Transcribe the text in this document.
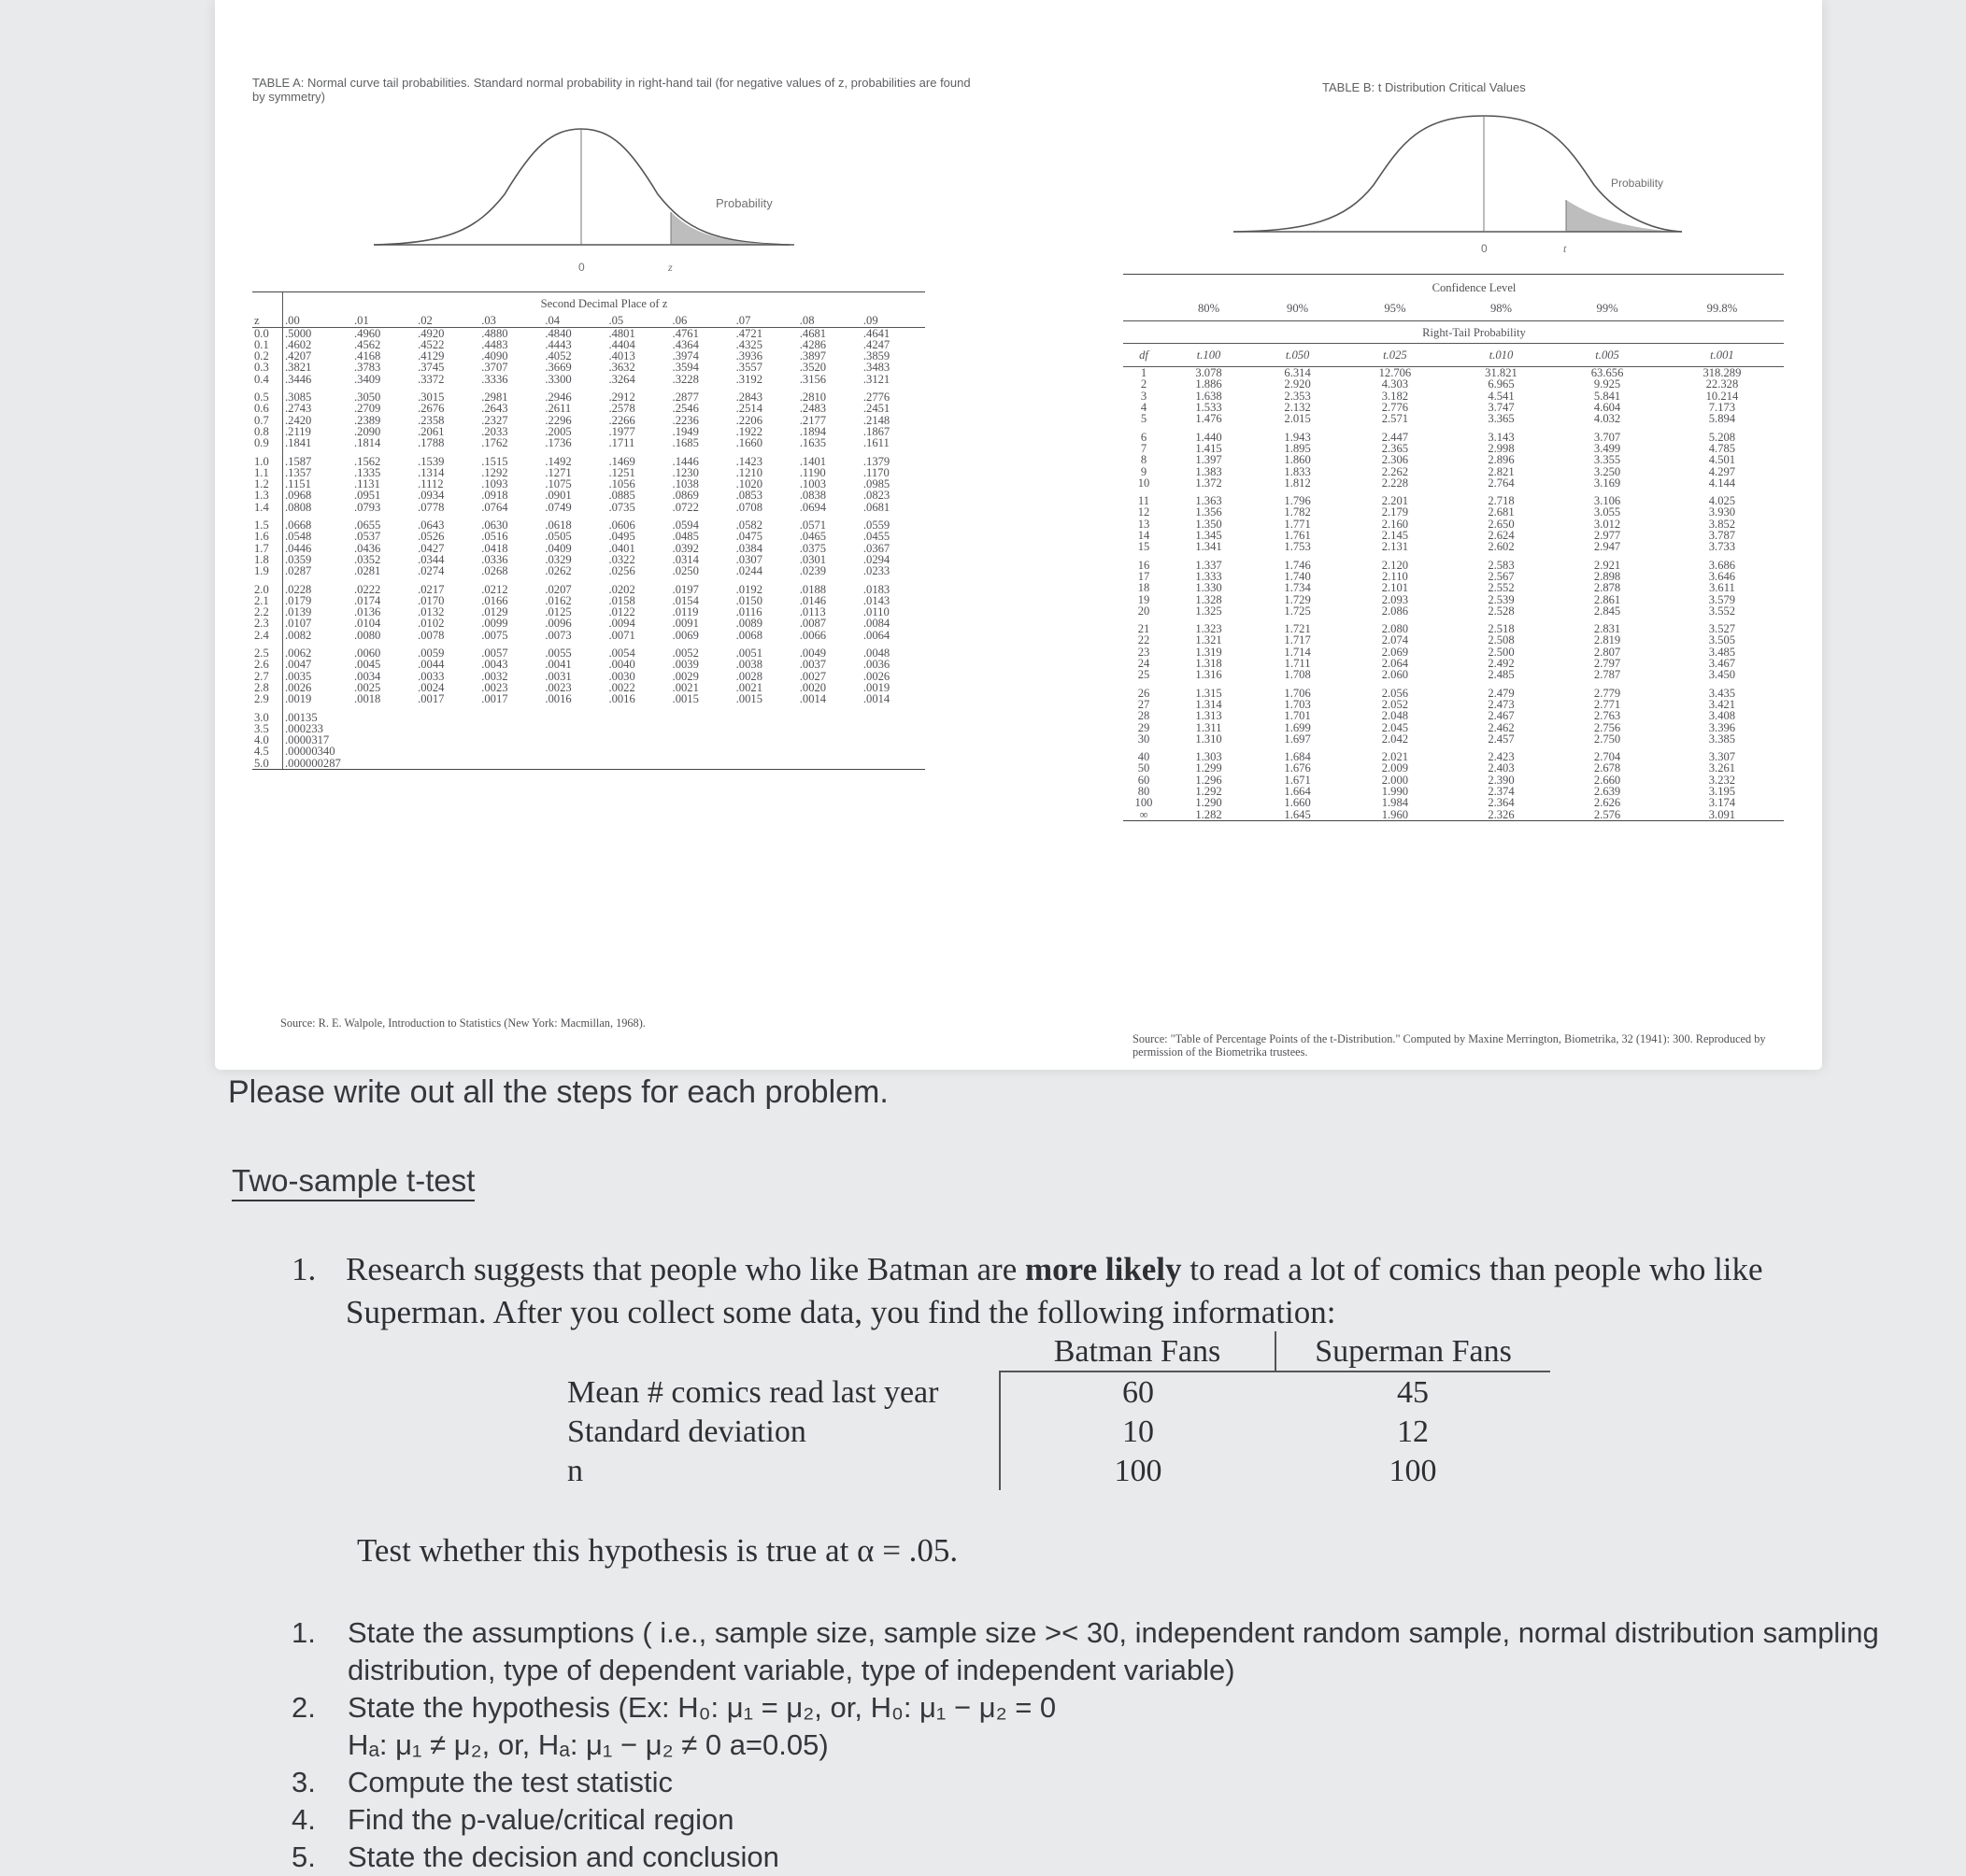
TABLE A: Normal curve tail probabilities. Standard normal probability in right-hand tail (for negative values of z, probabilities are found by symmetry)
Probability
0	z
	Second Decimal Place of z									
z	.00	.01	.02	.03	.04	.05	.06	.07	.08	.09
0.0	.5000	.4960	.4920	.4880	.4840	.4801	.4761	.4721	.4681	.4641
0.1	.4602	.4562	.4522	.4483	.4443	.4404	.4364	.4325	.4286	.4247
0.2	.4207	.4168	.4129	.4090	.4052	.4013	.3974	.3936	.3897	.3859
0.3	.3821	.3783	.3745	.3707	.3669	.3632	.3594	.3557	.3520	.3483
0.4	.3446	.3409	.3372	.3336	.3300	.3264	.3228	.3192	.3156	.3121
0.5	.3085	.3050	.3015	.2981	.2946	.2912	.2877	.2843	.2810	.2776
0.6	.2743	.2709	.2676	.2643	.2611	.2578	.2546	.2514	.2483	.2451
0.7	.2420	.2389	.2358	.2327	.2296	.2266	.2236	.2206	.2177	.2148
0.8	.2119	.2090	.2061	.2033	.2005	.1977	.1949	.1922	.1894	.1867
0.9	.1841	.1814	.1788	.1762	.1736	.1711	.1685	.1660	.1635	.1611
1.0	.1587	.1562	.1539	.1515	.1492	.1469	.1446	.1423	.1401	.1379
1.1	.1357	.1335	.1314	.1292	.1271	.1251	.1230	.1210	.1190	.1170
1.2	.1151	.1131	.1112	.1093	.1075	.1056	.1038	.1020	.1003	.0985
1.3	.0968	.0951	.0934	.0918	.0901	.0885	.0869	.0853	.0838	.0823
1.4	.0808	.0793	.0778	.0764	.0749	.0735	.0722	.0708	.0694	.0681
1.5	.0668	.0655	.0643	.0630	.0618	.0606	.0594	.0582	.0571	.0559
1.6	.0548	.0537	.0526	.0516	.0505	.0495	.0485	.0475	.0465	.0455
1.7	.0446	.0436	.0427	.0418	.0409	.0401	.0392	.0384	.0375	.0367
1.8	.0359	.0352	.0344	.0336	.0329	.0322	.0314	.0307	.0301	.0294
1.9	.0287	.0281	.0274	.0268	.0262	.0256	.0250	.0244	.0239	.0233
2.0	.0228	.0222	.0217	.0212	.0207	.0202	.0197	.0192	.0188	.0183
2.1	.0179	.0174	.0170	.0166	.0162	.0158	.0154	.0150	.0146	.0143
2.2	.0139	.0136	.0132	.0129	.0125	.0122	.0119	.0116	.0113	.0110
2.3	.0107	.0104	.0102	.0099	.0096	.0094	.0091	.0089	.0087	.0084
2.4	.0082	.0080	.0078	.0075	.0073	.0071	.0069	.0068	.0066	.0064
2.5	.0062	.0060	.0059	.0057	.0055	.0054	.0052	.0051	.0049	.0048
2.6	.0047	.0045	.0044	.0043	.0041	.0040	.0039	.0038	.0037	.0036
2.7	.0035	.0034	.0033	.0032	.0031	.0030	.0029	.0028	.0027	.0026
2.8	.0026	.0025	.0024	.0023	.0023	.0022	.0021	.0021	.0020	.0019
2.9	.0019	.0018	.0017	.0017	.0016	.0016	.0015	.0015	.0014	.0014
3.0	.00135									
3.5	.000233									
4.0	.0000317									
4.5	.00000340									
5.0	.000000287									
Source: R. E. Walpole, Introduction to Statistics (New York: Macmillan, 1968).
TABLE B: t Distribution Critical Values
Probability
0	t
	Confidence Level					
	80%	90%	95%	98%	99%	99.8%
	Right-Tail Probability					
df	t.100	t.050	t.025	t.010	t.005	t.001
1	3.078	6.314	12.706	31.821	63.656	318.289
2	1.886	2.920	4.303	6.965	9.925	22.328
3	1.638	2.353	3.182	4.541	5.841	10.214
4	1.533	2.132	2.776	3.747	4.604	7.173
5	1.476	2.015	2.571	3.365	4.032	5.894
6	1.440	1.943	2.447	3.143	3.707	5.208
7	1.415	1.895	2.365	2.998	3.499	4.785
8	1.397	1.860	2.306	2.896	3.355	4.501
9	1.383	1.833	2.262	2.821	3.250	4.297
10	1.372	1.812	2.228	2.764	3.169	4.144
11	1.363	1.796	2.201	2.718	3.106	4.025
12	1.356	1.782	2.179	2.681	3.055	3.930
13	1.350	1.771	2.160	2.650	3.012	3.852
14	1.345	1.761	2.145	2.624	2.977	3.787
15	1.341	1.753	2.131	2.602	2.947	3.733
16	1.337	1.746	2.120	2.583	2.921	3.686
17	1.333	1.740	2.110	2.567	2.898	3.646
18	1.330	1.734	2.101	2.552	2.878	3.611
19	1.328	1.729	2.093	2.539	2.861	3.579
20	1.325	1.725	2.086	2.528	2.845	3.552
21	1.323	1.721	2.080	2.518	2.831	3.527
22	1.321	1.717	2.074	2.508	2.819	3.505
23	1.319	1.714	2.069	2.500	2.807	3.485
24	1.318	1.711	2.064	2.492	2.797	3.467
25	1.316	1.708	2.060	2.485	2.787	3.450
26	1.315	1.706	2.056	2.479	2.779	3.435
27	1.314	1.703	2.052	2.473	2.771	3.421
28	1.313	1.701	2.048	2.467	2.763	3.408
29	1.311	1.699	2.045	2.462	2.756	3.396
30	1.310	1.697	2.042	2.457	2.750	3.385
40	1.303	1.684	2.021	2.423	2.704	3.307
50	1.299	1.676	2.009	2.403	2.678	3.261
60	1.296	1.671	2.000	2.390	2.660	3.232
80	1.292	1.664	1.990	2.374	2.639	3.195
100	1.290	1.660	1.984	2.364	2.626	3.174
∞	1.282	1.645	1.960	2.326	2.576	3.091
Source: "Table of Percentage Points of the t-Distribution." Computed by Maxine Merrington, Biometrika, 32 (1941): 300. Reproduced by permission of the Biometrika trustees.
Please write out all the steps for each problem.
Two-sample t-test
1. Research suggests that people who like Batman are more likely to read a lot of comics than people who like Superman. After you collect some data, you find the following information:
	Batman Fans	Superman Fans
Mean # comics read last year	60	45
Standard deviation	10	12
n	100	100
Test whether this hypothesis is true at α = .05.
1. State the assumptions ( i.e., sample size, sample size >< 30, independent random sample, normal distribution sampling distribution, type of dependent variable, type of independent variable)
2. State the hypothesis (Ex: H₀: μ₁ = μ₂, or, H₀: μ₁ − μ₂ = 0
Hₐ: μ₁ ≠ μ₂, or, Hₐ: μ₁ − μ₂ ≠ 0 a=0.05)
3. Compute the test statistic
4. Find the p-value/critical region
5. State the decision and conclusion
